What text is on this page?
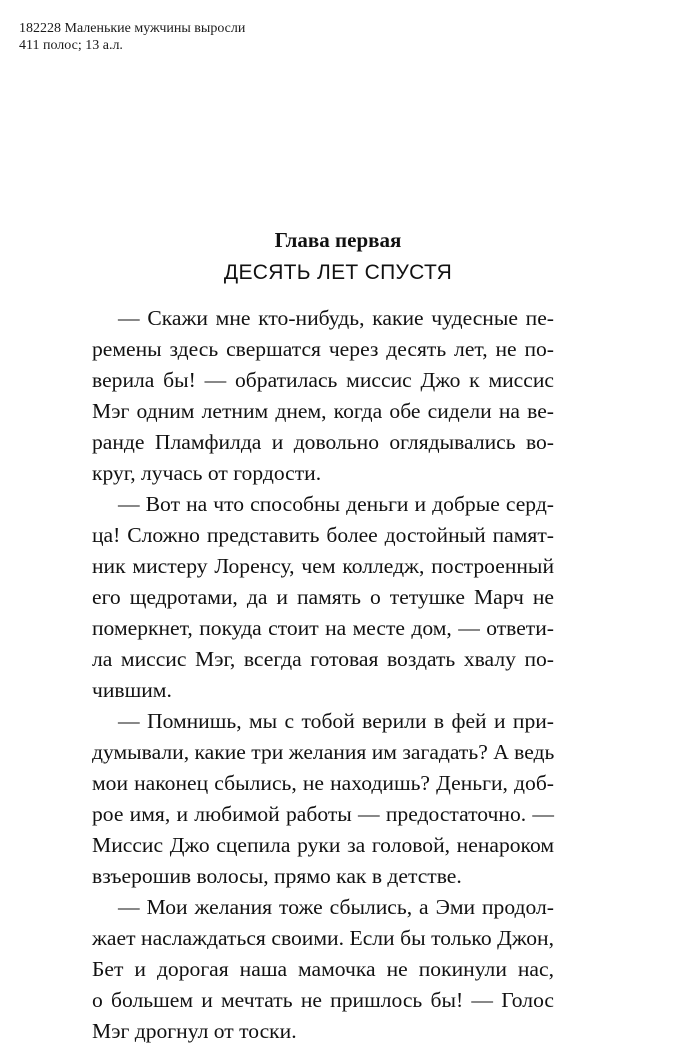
182228 Маленькие мужчины выросли
411 полос; 13 а.л.
Глава первая
ДЕСЯТЬ ЛЕТ СПУСТЯ
— Скажи мне кто-нибудь, какие чудесные пе-
ремены здесь свершатся через десять лет, не по-
верила бы! — обратилась миссис Джо к миссис
Мэг одним летним днем, когда обе сидели на ве-
ранде Пламфилда и довольно оглядывались во-
круг, лучась от гордости.
— Вот на что способны деньги и добрые серд-
ца! Сложно представить более достойный памят-
ник мистеру Лоренсу, чем колледж, построенный
его щедротами, да и память о тетушке Марч не
померкнет, покуда стоит на месте дом, — ответи-
ла миссис Мэг, всегда готовая воздать хвалу по-
чившим.
— Помнишь, мы с тобой верили в фей и при-
думывали, какие три желания им загадать? А ведь
мои наконец сбылись, не находишь? Деньги, доб-
рое имя, и любимой работы — предостаточно. —
Миссис Джо сцепила руки за головой, ненароком
взъерошив волосы, прямо как в детстве.
— Мои желания тоже сбылись, а Эми продол-
жает наслаждаться своими. Если бы только Джон,
Бет и дорогая наша мамочка не покинули нас,
о большем и мечтать не пришлось бы! — Голос
Мэг дрогнул от тоски.
